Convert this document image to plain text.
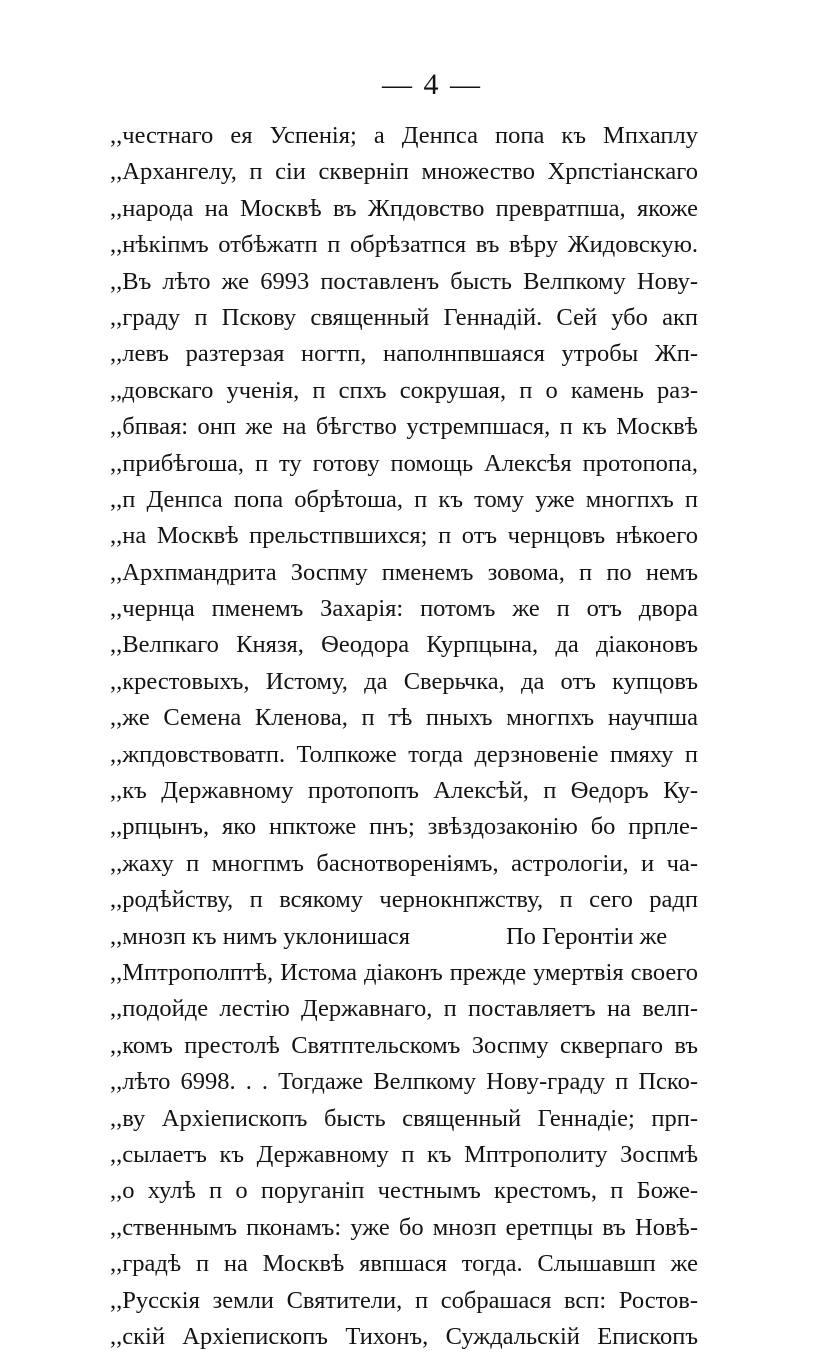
— 4 —
,,честнаго ея Успенія; а Денпса попа къ Мпхаплу
,,Архангелу, п сіи скверніп множество Хрпстіанскаго
,,народа на Москвѣ въ Жпдовство превратпша, якоже
,,нѣкіпмъ отбѣжатп п обрѣзатпся въ вѣру Жидовскую.
,,Въ лѣто же 6993 поставленъ бысть Велпкому Нову-
,,граду п Пскову священный Геннадій. Сей убо акп
,,левъ разтерзая ногтп, наполнпвшаяся утробы Жп-
,,довскаго ученія, п спхъ сокрушая, п о камень раз-
,,бпвая: онп же на бѣгство устремпшася, п къ Москвѣ
,,прибѣгоша, п ту готову помощь Алексѣя протопопа,
,,п Денпса попа обрѣтоша, п къ тому уже многпхъ п
,,на Москвѣ прельстпвшихся; п отъ чернцовъ нѣкоего
,,Архпмандрита Зоспму пменемъ зовома, п по немъ
,,чернца пменемъ Захарія: потомъ же п отъ двора
,,Велпкаго Князя, Ѳеодора Курпцына, да діаконовъ
,,крестовыхъ, Истому, да Сверьчка, да отъ купцовъ
,,же Семена Кленова, п тѣ пныхъ многпхъ научпша
,,жпдовствоватп. Толпкоже тогда дерзновеніе пмяху п
,,къ Державному протопопъ Алексѣй, п Ѳедоръ Ку-
,,рпцынъ, яко нпктоже пнъ; звѣздозаконію бо прпле-
,,жаху п многпмъ баснотвореніямъ, астрологіи, и ча-
,,родѣйству, п всякому чернокнпжству, п сего радп
,,мнозп къ нимъ уклонишася	По Геронтіи же
,,Мптрополптѣ, Истома діаконъ прежде умертвія своего
,,подойде лестію Державнаго, п поставляетъ на велп-
,,комъ престолѣ Святптельскомъ Зоспму скверпаго въ
,,лѣто 6998. . . Тогдаже Велпкому Нову-граду п Пско-
,,ву Архіепископъ бысть священный Геннадіе; прп-
,,сылаетъ къ Державному п къ Мптрополиту Зоспмѣ
,,о хулѣ п о поруганіп честнымъ крестомъ, п Боже-
,,ственнымъ пконамъ: уже бо мнозп еретпцы въ Новѣ-
,,градѣ п на Москвѣ явпшася тогда. Слышавшп же
,,Русскія земли Святители, п собрашася всп: Ростов-
,,скій Архіепископъ Тихонъ, Суждальскій Епископъ
